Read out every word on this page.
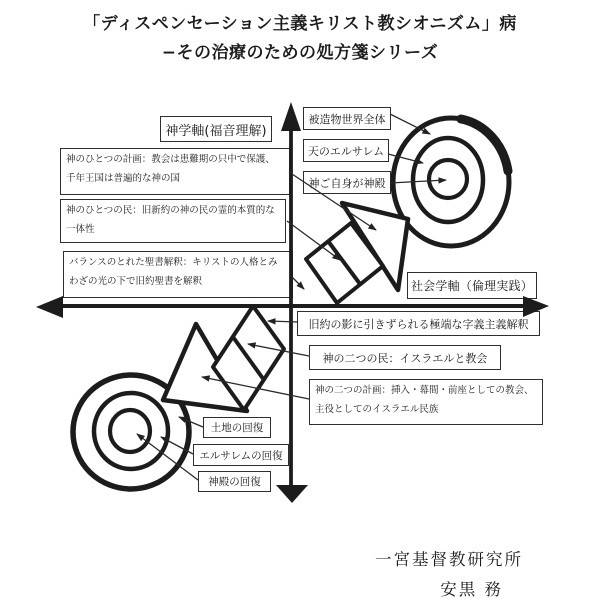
「ディスペンセーション主義キリスト教シオニズム」病
−その治療のための処方箋シリーズ
神学軸(福音理解)
社会学軸（倫理実践）
神のひとつの計画：教会は患難期の只中で保護、千年王国は普遍的な神の国
神のひとつの民：旧新約の神の民の霊的本質的な一体性
バランスのとれた聖書解釈：キリストの人格とみわざの光の下で旧約聖書を解釈
被造物世界全体
天のエルサレム
神ご自身が神殿
旧約の影に引きずられる極端な字義主義解釈
神の二つの民：イスラエルと教会
神の二つの計画：挿入・幕間・前座としての教会、主役としてのイスラエル民族
土地の回復
エルサレムの回復
神殿の回復
一宮基督教研究所
安黒 務
